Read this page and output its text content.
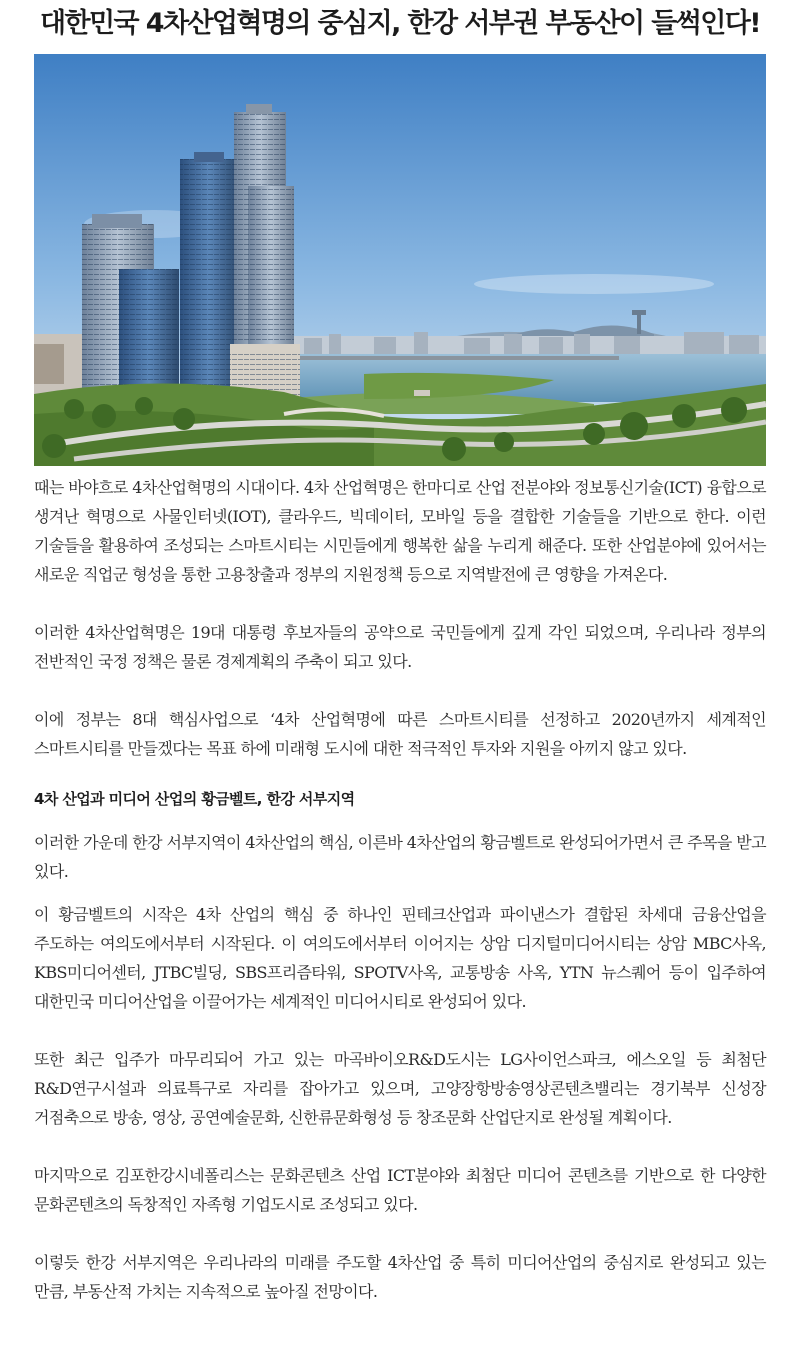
대한민국 4차산업혁명의 중심지, 한강 서부권 부동산이 들썩인다!

때는 바야흐로 4차산업혁명의 시대이다. 4차 산업혁명은 한마디로 산업 전분야와 정보통신기술(ICT) 융합으로 생겨난 혁명으로 사물인터넷(IOT), 클라우드, 빅데이터, 모바일 등을 결합한 기술들을 기반으로 한다. 이런 기술들을 활용하여 조성되는 스마트시티는 시민들에게 행복한 삶을 누리게 해준다. 또한 산업분야에 있어서는 새로운 직업군 형성을 통한 고용창출과 정부의 지원정책 등으로 지역발전에 큰 영향을 가져온다.

이러한 4차산업혁명은 19대 대통령 후보자들의 공약으로 국민들에게 깊게 각인 되었으며, 우리나라 정부의 전반적인 국정 정책은 물론 경제계획의 주축이 되고 있다.

이에 정부는 8대 핵심사업으로 ‘4차 산업혁명에 따른 스마트시티를 선정하고 2020년까지 세계적인 스마트시티를 만들겠다는 목표 하에 미래형 도시에 대한 적극적인 투자와 지원을 아끼지 않고 있다.

4차 산업과 미디어 산업의 황금벨트, 한강 서부지역

이러한 가운데 한강 서부지역이 4차산업의 핵심, 이른바 4차산업의 황금벨트로 완성되어가면서 큰 주목을 받고 있다.

이 황금벨트의 시작은 4차 산업의 핵심 중 하나인 핀테크산업과 파이낸스가 결합된 차세대 금융산업을 주도하는 여의도에서부터 시작된다. 이 여의도에서부터 이어지는 상암 디지털미디어시티는 상암 MBC사옥, KBS미디어센터, JTBC빌딩, SBS프리즘타워, SPOTV사옥, 교통방송 사옥, YTN 뉴스퀘어 등이 입주하여 대한민국 미디어산업을 이끌어가는 세계적인 미디어시티로 완성되어 있다.

또한 최근 입주가 마무리되어 가고 있는 마곡바이오R&D도시는 LG사이언스파크, 에스오일 등 최첨단 R&D연구시설과 의료특구로 자리를 잡아가고 있으며, 고양장항방송영상콘텐츠밸리는 경기북부 신성장 거점축으로 방송, 영상, 공연예술문화, 신한류문화형성 등 창조문화 산업단지로 완성될 계획이다.

마지막으로 김포한강시네폴리스는 문화콘텐츠 산업 ICT분야와 최첨단 미디어 콘텐츠를 기반으로 한 다양한 문화콘텐츠의 독창적인 자족형 기업도시로 조성되고 있다.

이렇듯 한강 서부지역은 우리나라의 미래를 주도할 4차산업 중 특히 미디어산업의 중심지로 완성되고 있는 만큼, 부동산적 가치는 지속적으로 높아질 전망이다.
